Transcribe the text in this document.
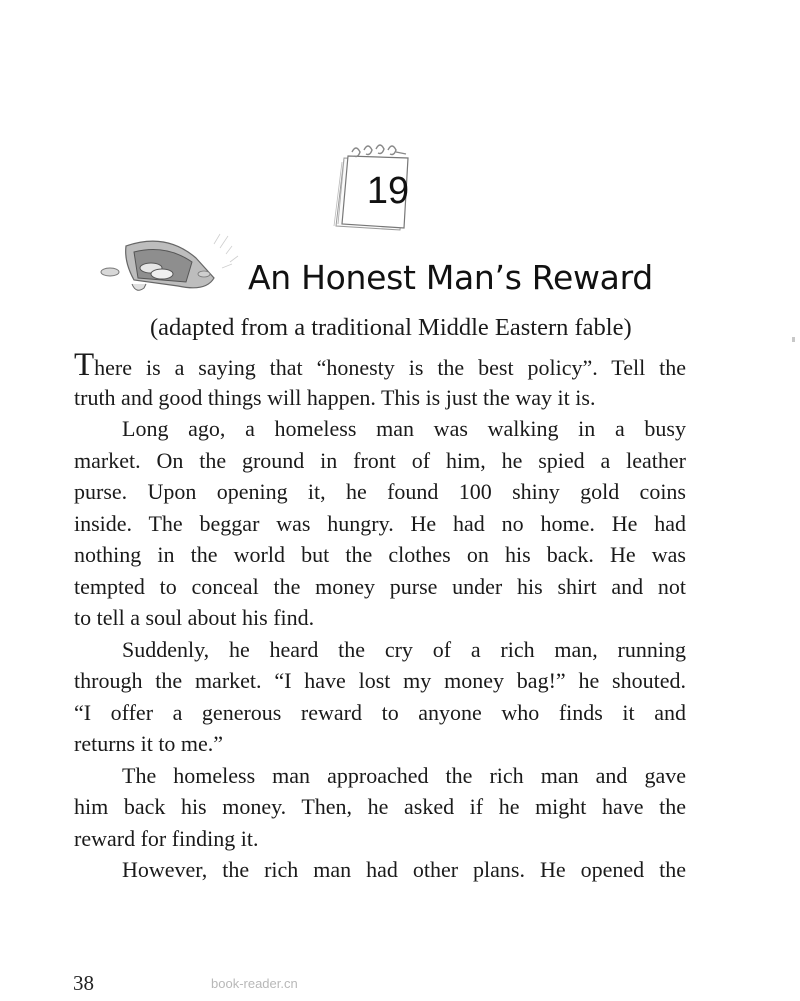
19
An Honest Man’s Reward
(adapted from a traditional Middle Eastern fable)
There is a saying that “honesty is the best policy”. Tell the
truth and good things will happen. This is just the way it is.
Long ago, a homeless man was walking in a busy
market. On the ground in front of him, he spied a leather
purse. Upon opening it, he found 100 shiny gold coins
inside. The beggar was hungry. He had no home. He had
nothing in the world but the clothes on his back. He was
tempted to conceal the money purse under his shirt and not
to tell a soul about his find.
Suddenly, he heard the cry of a rich man, running
through the market. “I have lost my money bag!” he shouted.
“I offer a generous reward to anyone who finds it and
returns it to me.”
The homeless man approached the rich man and gave
him back his money. Then, he asked if he might have the
reward for finding it.
However, the rich man had other plans. He opened the
38	book-reader.cn
